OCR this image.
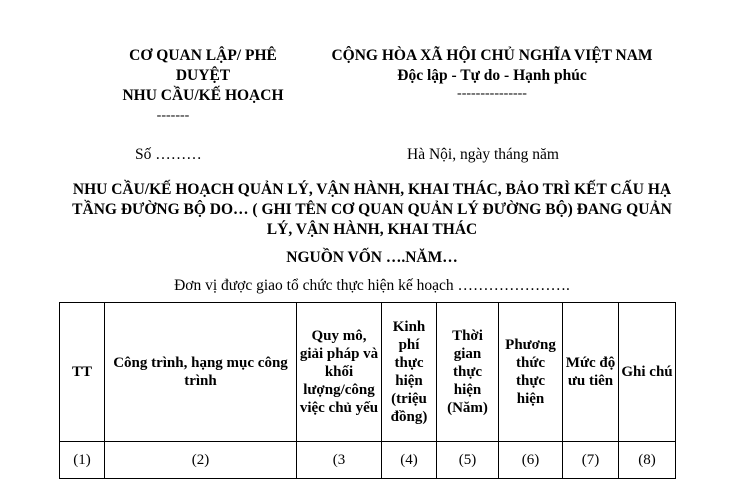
CƠ QUAN LẬP/ PHÊ
DUYỆT
NHU CẦU/KẾ HOẠCH
-------
CỘNG HÒA XÃ HỘI CHỦ NGHĨA VIỆT NAM
Độc lập - Tự do - Hạnh phúc
---------------
Số ………	Hà Nội, ngày tháng năm
NHU CẦU/KẾ HOẠCH QUẢN LÝ, VẬN HÀNH, KHAI THÁC, BẢO TRÌ KẾT CẤU HẠ TẦNG ĐƯỜNG BỘ DO… ( GHI TÊN CƠ QUAN QUẢN LÝ ĐƯỜNG BỘ) ĐANG QUẢN LÝ, VẬN HÀNH, KHAI THÁC
NGUỒN VỐN ….NĂM…
Đơn vị được giao tổ chức thực hiện kế hoạch ………………….
TT	Công trình, hạng mục công trình	Quy mô, giải pháp và khối lượng/công việc chủ yếu	Kinh phí thực hiện (triệu đồng)	Thời gian thực hiện (Năm)	Phương thức thực hiện	Mức độ ưu tiên	Ghi chú
(1)	(2)	(3	(4)	(5)	(6)	(7)	(8)
